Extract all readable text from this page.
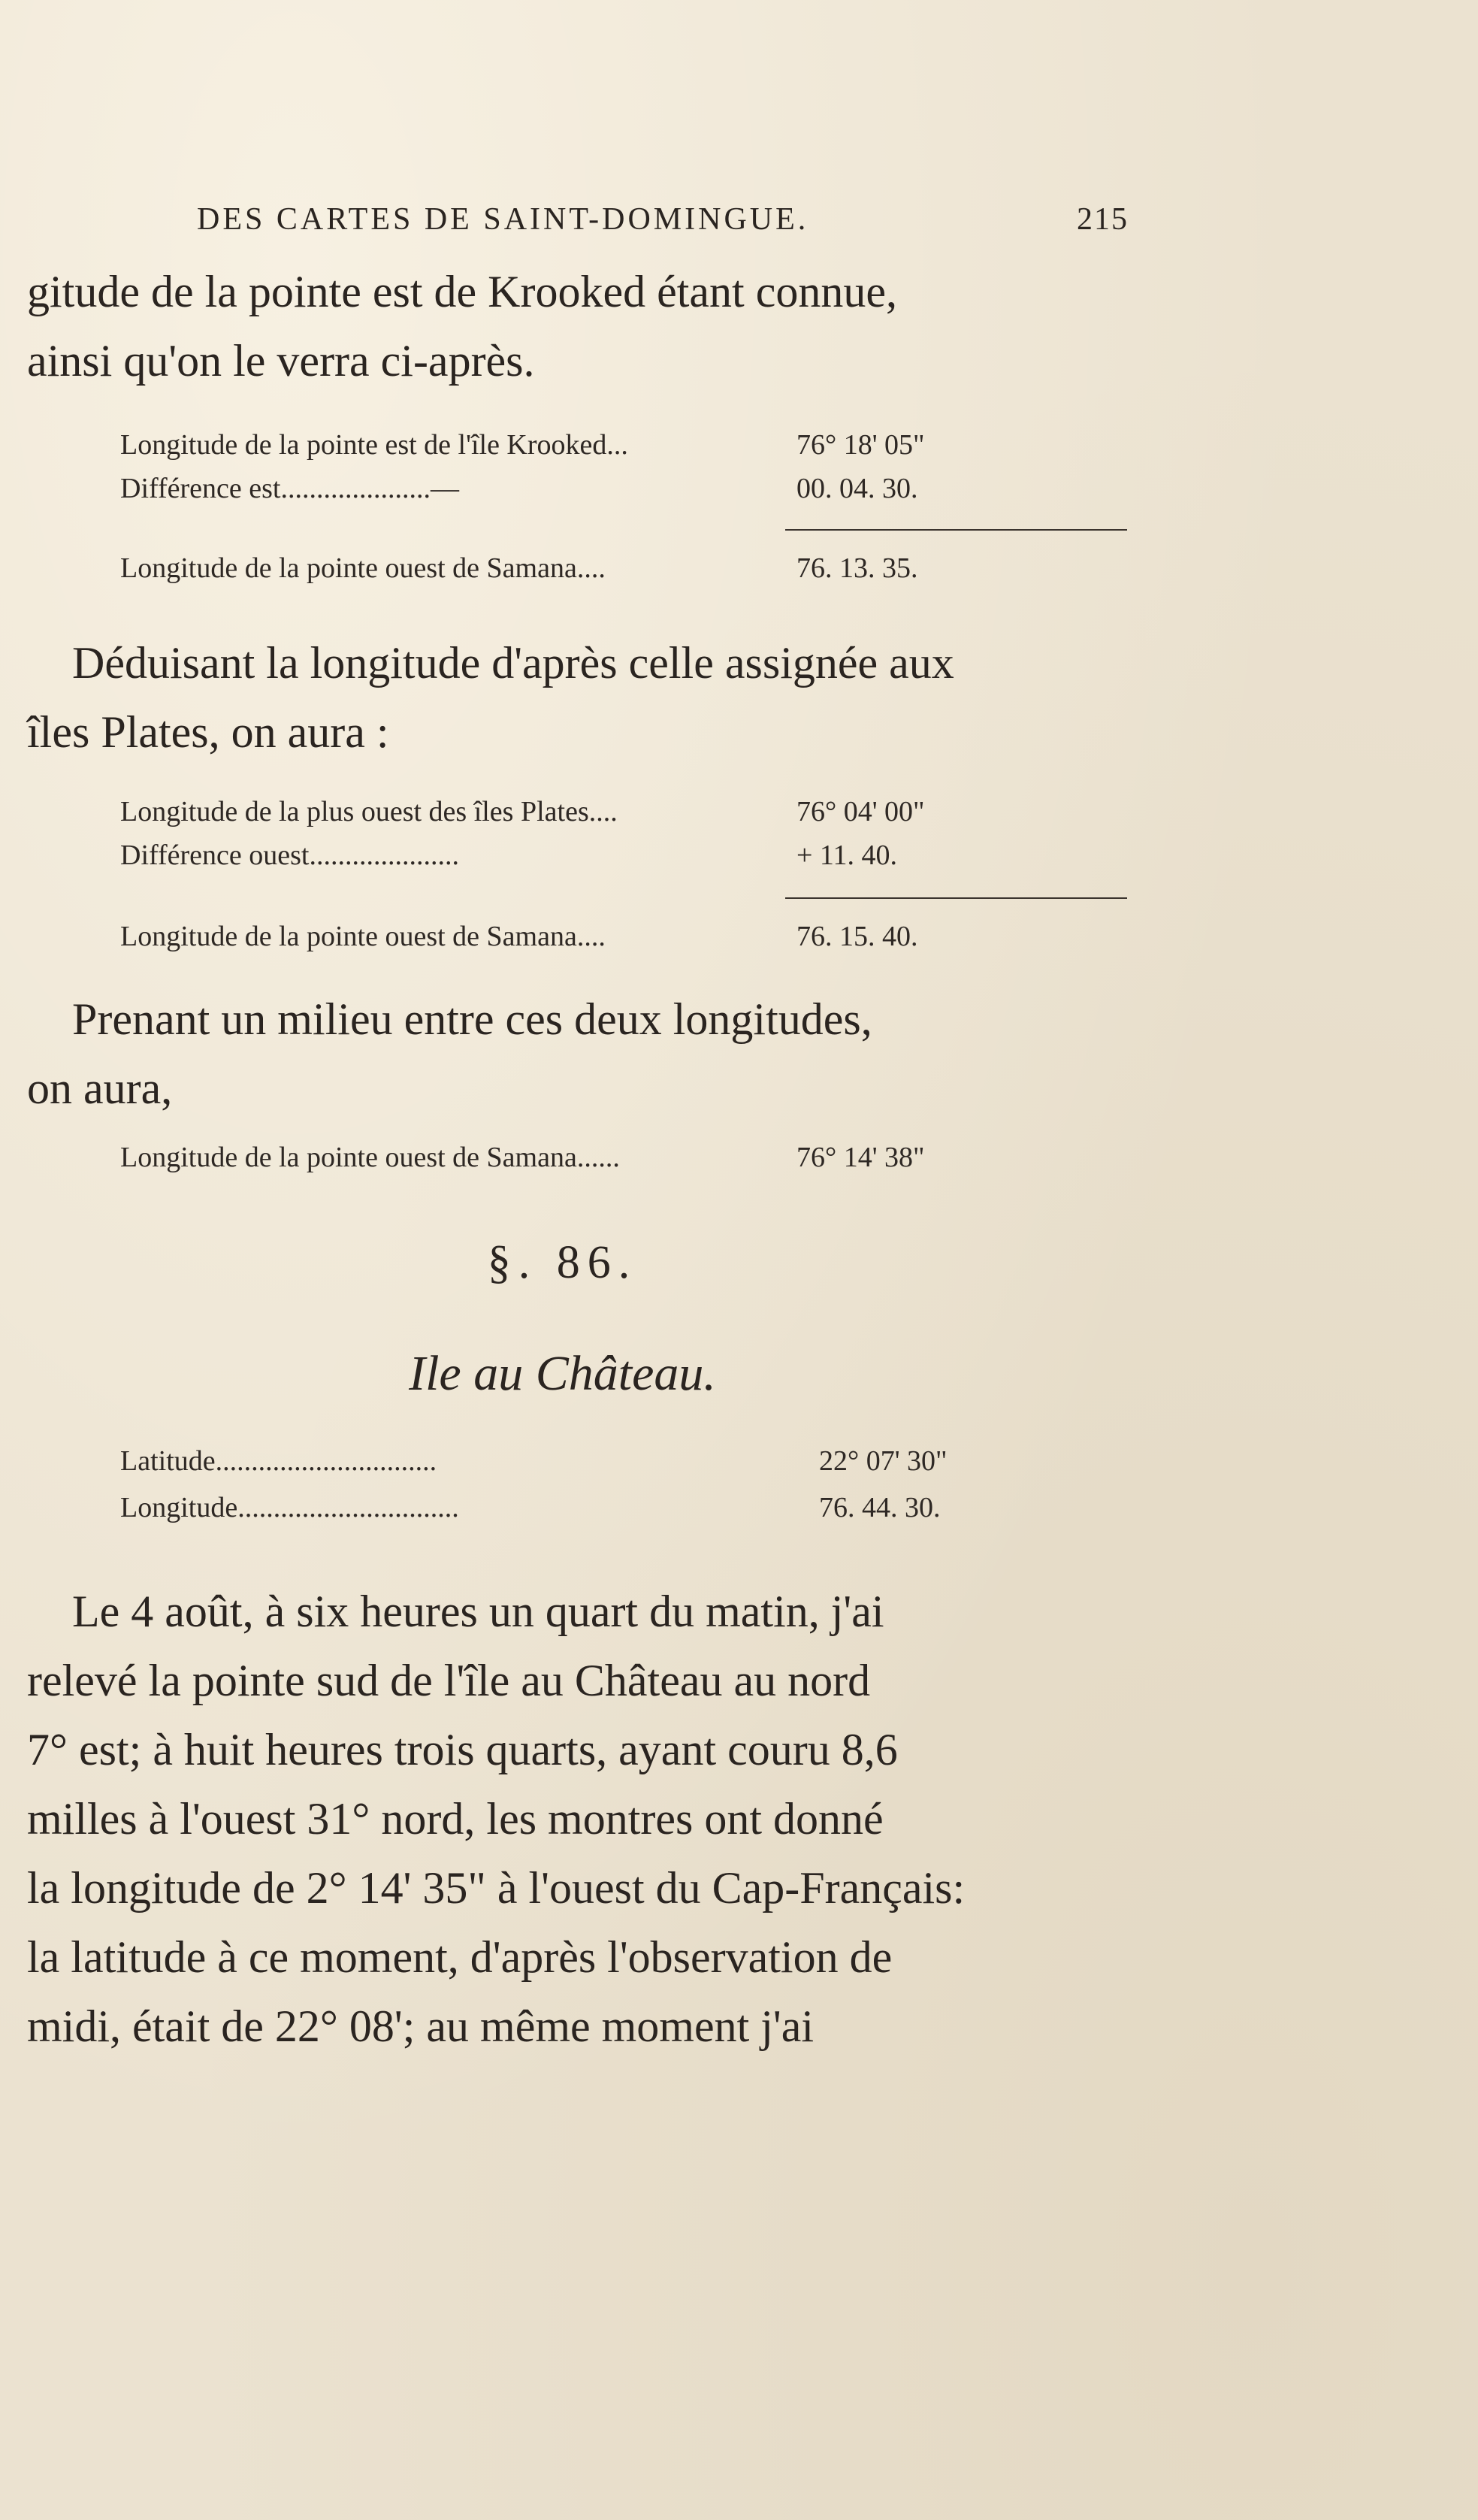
DES CARTES DE SAINT-DOMINGUE.	215
gitude de la pointe est de Krooked étant connue,
ainsi qu'on le verra ci-après.
Longitude de la pointe est de l'île Krooked...	76° 18' 05"
Différence est.....................—	00. 04. 30.
Longitude de la pointe ouest de Samana....	76. 13. 35.
Déduisant la longitude d'après celle assignée aux
îles Plates, on aura :
Longitude de la plus ouest des îles Plates....	76° 04' 00"
Différence ouest.....................	+ 11. 40.
Longitude de la pointe ouest de Samana....	76. 15. 40.
Prenant un milieu entre ces deux longitudes,
on aura,
Longitude de la pointe ouest de Samana......	76° 14' 38"
§. 86.
Ile au Château.
Latitude...............................	22° 07' 30"
Longitude...............................	76. 44. 30.
Le 4 août, à six heures un quart du matin, j'ai
relevé la pointe sud de l'île au Château au nord
7° est; à huit heures trois quarts, ayant couru 8,6
milles à l'ouest 31° nord, les montres ont donné
la longitude de 2° 14' 35" à l'ouest du Cap-Français:
la latitude à ce moment, d'après l'observation de
midi, était de 22° 08'; au même moment j'ai
